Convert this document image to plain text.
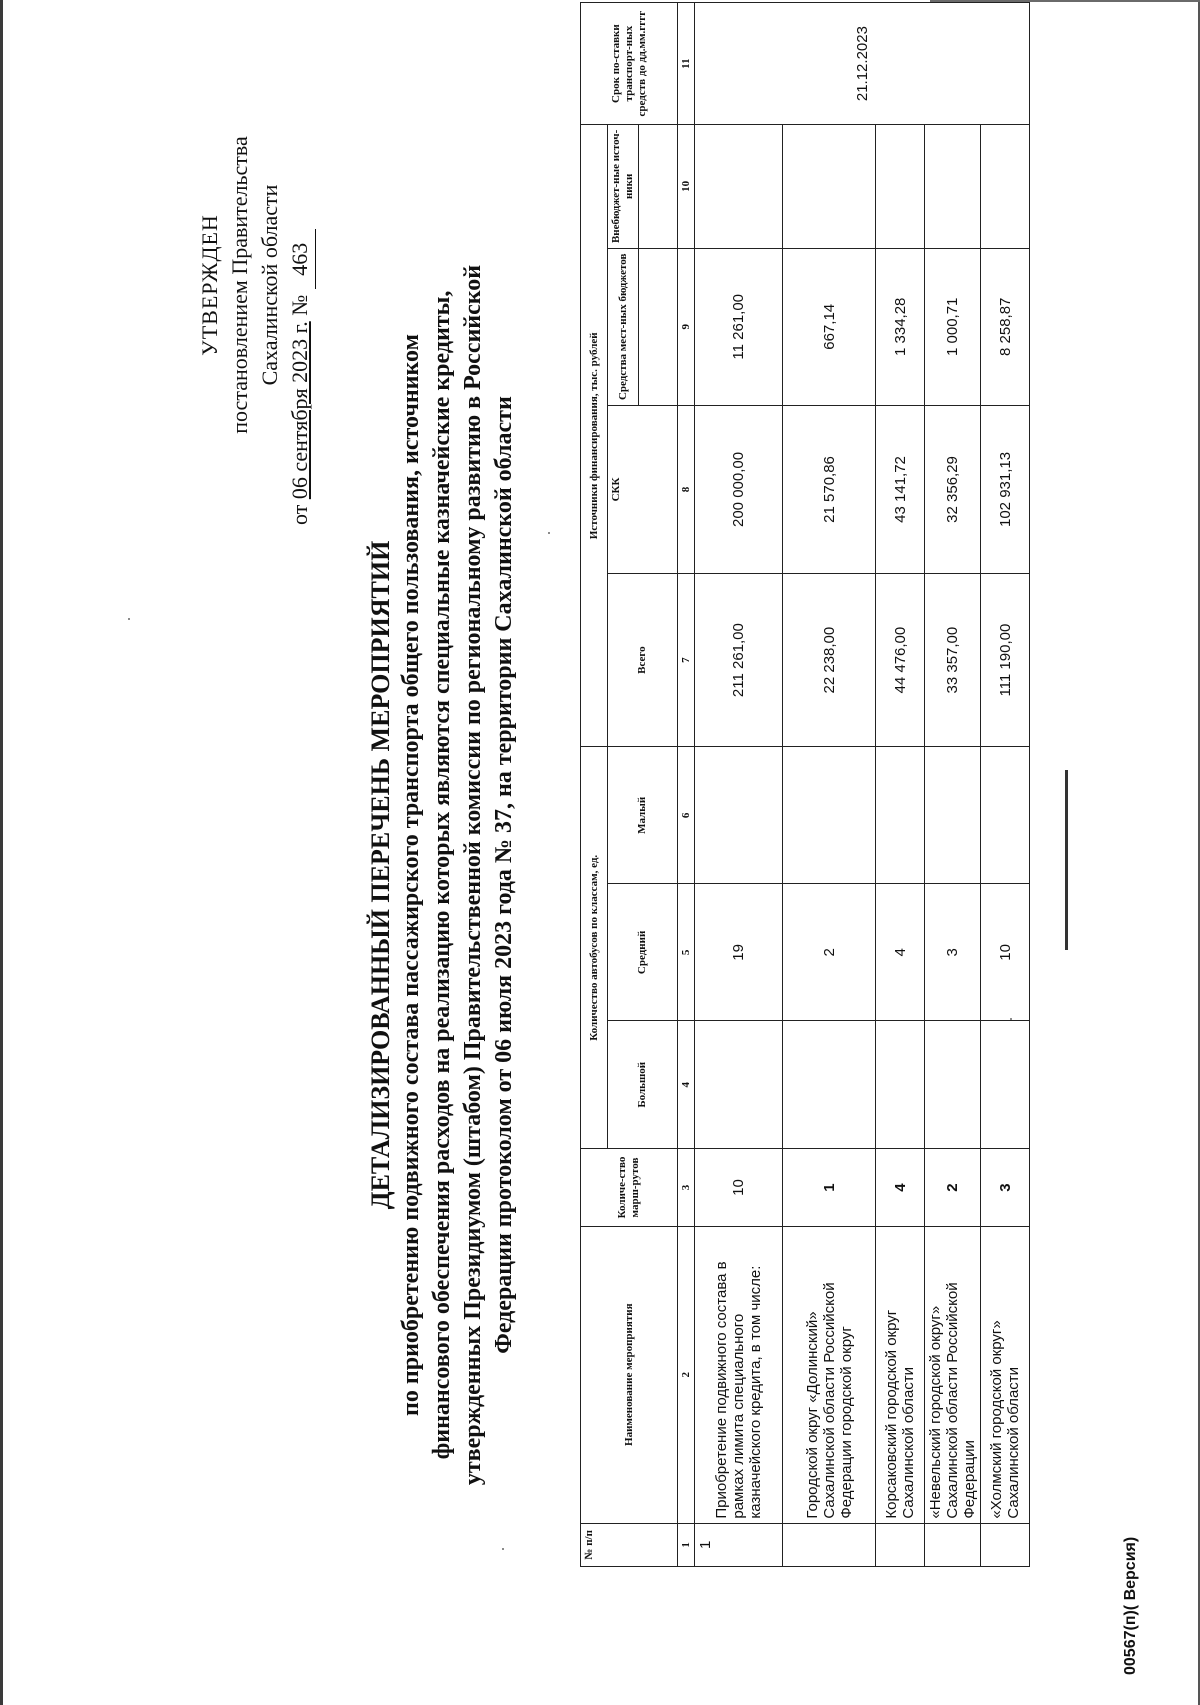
УТВЕРЖДЕН постановлением Правительства Сахалинской области
от 06 сентября 2023 г. № 463
ДЕТАЛИЗИРОВАННЫЙ ПЕРЕЧЕНЬ МЕРОПРИЯТИЙ по приобретению подвижного состава пассажирского транспорта общего пользования, источником финансового обеспечения расходов на реализацию которых являются специальные казначейские кредиты, утвержденных Президиумом (штабом) Правительственной комиссии по региональному развитию в Российской Федерации протоколом от 06 июля 2023 года № 37, на территории Сахалинской области
№ п/п	Наименование мероприятия	Количе-ство марш-рутов	Количество автобусов по классам, ед.			Источники финансирования, тыс. рублей				Срок по-ставки транспорт-ных средств до дд.мм.гггг
			Большой	Средний	Малый	Всего	СКК	Средства мест-ных бюджетов	Внебюджет-ные источ-ники	

1	2	3	4	5	6	7	8	9	10	11
1	Приобретение подвижного состава в рамках лимита специального казначейского кредита, в том числе:	10		19		211 261,00	200 000,00	11 261,00		21.12.2023
	Городской округ «Долинский» Сахалинской области Российской Федерации городской округ	1		2		22 238,00	21 570,86	667,14		
	Корсаковский городской округ Сахалинской области	4		4		44 476,00	43 141,72	1 334,28		
	«Невельский городской округ» Сахалинской области Российской Федерации	2		3		33 357,00	32 356,29	1 000,71		
	«Холмский городской округ» Сахалинской области	3		10		111 190,00	102 931,13	8 258,87		
00567(п)( Версия)
